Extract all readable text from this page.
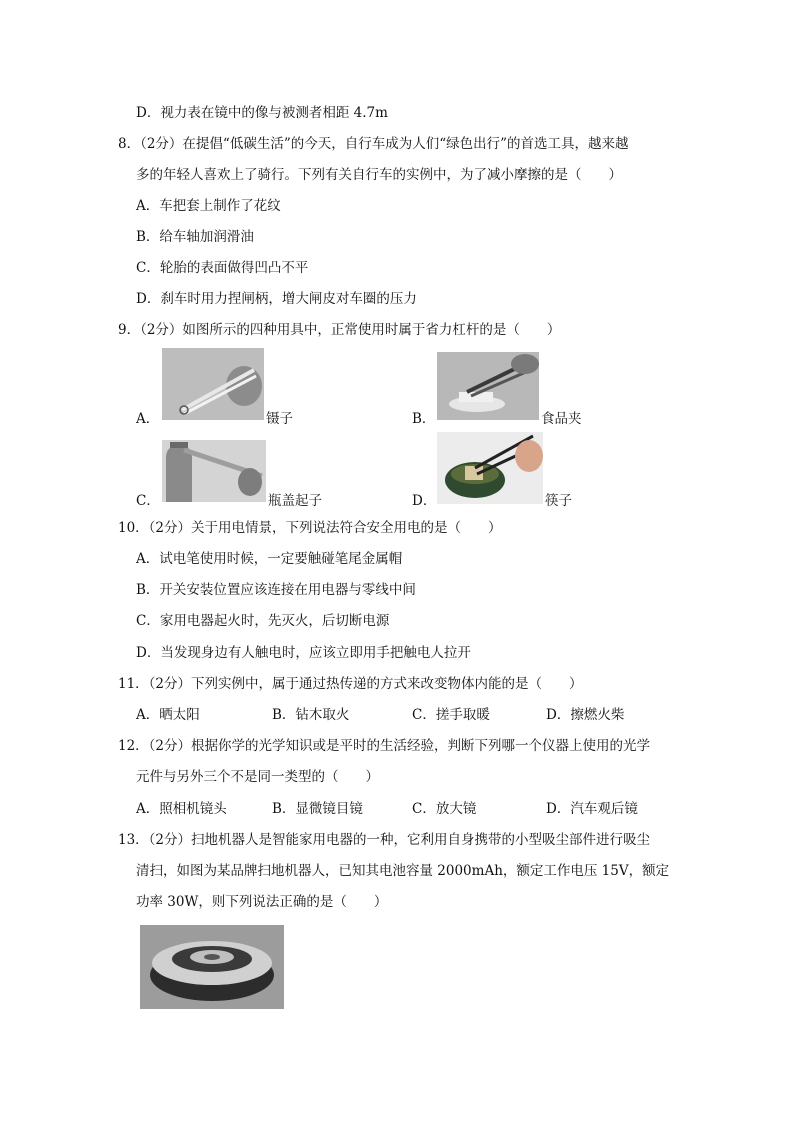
D．视力表在镜中的像与被测者相距 4.7m
8．（2分）在提倡“低碳生活”的今天，自行车成为人们“绿色出行”的首选工具，越来越
多的年轻人喜欢上了骑行。下列有关自行车的实例中，为了减小摩擦的是（　　）
A．车把套上制作了花纹
B．给车轴加润滑油
C．轮胎的表面做得凹凸不平
D．刹车时用力捏闸柄，增大闸皮对车圈的压力
9．（2分）如图所示的四种用具中，正常使用时属于省力杠杆的是（　　）
A．	镊子	B．	食品夹
C．	瓶盖起子	D．	筷子
10．（2分）关于用电情景，下列说法符合安全用电的是（　　）
A．试电笔使用时候，一定要触碰笔尾金属帽
B．开关安装位置应该连接在用电器与零线中间
C．家用电器起火时，先灭火，后切断电源
D．当发现身边有人触电时，应该立即用手把触电人拉开
11．（2分）下列实例中，属于通过热传递的方式来改变物体内能的是（　　）
A．晒太阳	B．钻木取火	C．搓手取暖	D．擦燃火柴
12．（2分）根据你学的光学知识或是平时的生活经验，判断下列哪一个仪器上使用的光学
元件与另外三个不是同一类型的（　　）
A．照相机镜头	B．显微镜目镜	C．放大镜	D．汽车观后镜
13．（2分）扫地机器人是智能家用电器的一种，它利用自身携带的小型吸尘部件进行吸尘
清扫，如图为某品牌扫地机器人，已知其电池容量 2000mAh，额定工作电压 15V，额定
功率 30W，则下列说法正确的是（　　）
